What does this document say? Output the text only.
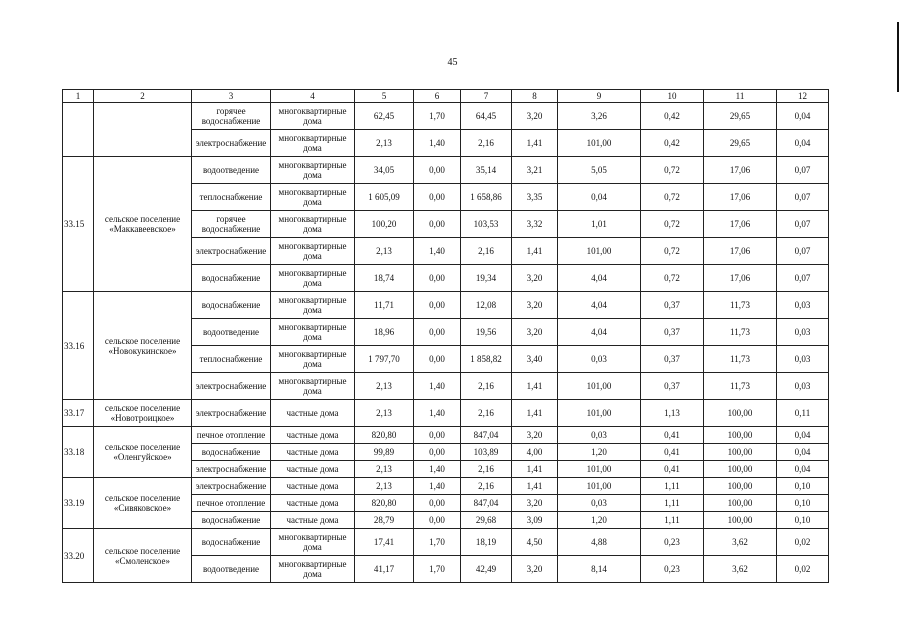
45
1	2	3	4	5	6	7	8	9	10	11	12
		горячее водоснабжение	многоквартирные дома	62,45	1,70	64,45	3,20	3,26	0,42	29,65	0,04
		электроснабжение	многоквартирные дома	2,13	1,40	2,16	1,41	101,00	0,42	29,65	0,04
33.15	сельское поселение «Маккавеевское»	водоотведение	многоквартирные дома	34,05	0,00	35,14	3,21	5,05	0,72	17,06	0,07
		теплоснабжение	многоквартирные дома	1 605,09	0,00	1 658,86	3,35	0,04	0,72	17,06	0,07
		горячее водоснабжение	многоквартирные дома	100,20	0,00	103,53	3,32	1,01	0,72	17,06	0,07
		электроснабжение	многоквартирные дома	2,13	1,40	2,16	1,41	101,00	0,72	17,06	0,07
		водоснабжение	многоквартирные дома	18,74	0,00	19,34	3,20	4,04	0,72	17,06	0,07
33.16	сельское поселение «Новокукинское»	водоснабжение	многоквартирные дома	11,71	0,00	12,08	3,20	4,04	0,37	11,73	0,03
		водоотведение	многоквартирные дома	18,96	0,00	19,56	3,20	4,04	0,37	11,73	0,03
		теплоснабжение	многоквартирные дома	1 797,70	0,00	1 858,82	3,40	0,03	0,37	11,73	0,03
		электроснабжение	многоквартирные дома	2,13	1,40	2,16	1,41	101,00	0,37	11,73	0,03
33.17	сельское поселение «Новотроицкое»	электроснабжение	частные дома	2,13	1,40	2,16	1,41	101,00	1,13	100,00	0,11
33.18	сельское поселение «Оленгуйское»	печное отопление	частные дома	820,80	0,00	847,04	3,20	0,03	0,41	100,00	0,04
		водоснабжение	частные дома	99,89	0,00	103,89	4,00	1,20	0,41	100,00	0,04
		электроснабжение	частные дома	2,13	1,40	2,16	1,41	101,00	0,41	100,00	0,04
33.19	сельское поселение «Сивяковское»	электроснабжение	частные дома	2,13	1,40	2,16	1,41	101,00	1,11	100,00	0,10
		печное отопление	частные дома	820,80	0,00	847,04	3,20	0,03	1,11	100,00	0,10
		водоснабжение	частные дома	28,79	0,00	29,68	3,09	1,20	1,11	100,00	0,10
33.20	сельское поселение «Смоленское»	водоснабжение	многоквартирные дома	17,41	1,70	18,19	4,50	4,88	0,23	3,62	0,02
		водоотведение	многоквартирные дома	41,17	1,70	42,49	3,20	8,14	0,23	3,62	0,02
